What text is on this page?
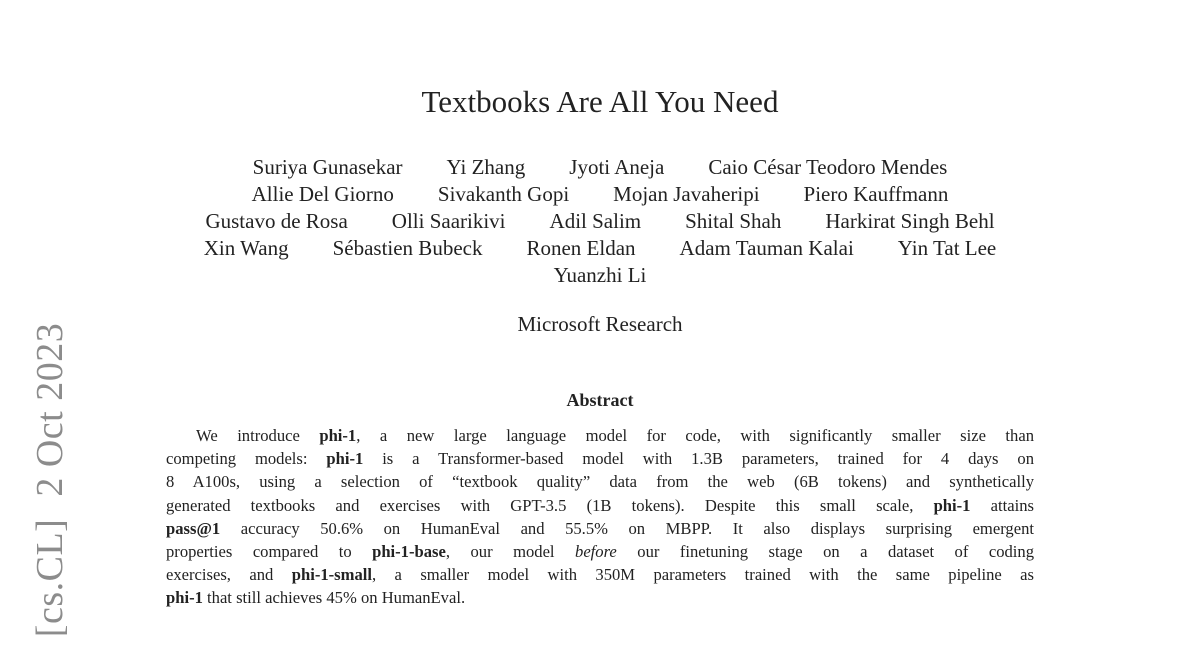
[cs.CL]2 Oct 2023
Textbooks Are All You Need
Suriya Gunasekar Yi Zhang Jyoti Aneja Caio César Teodoro Mendes
Allie Del Giorno Sivakanth Gopi Mojan Javaheripi Piero Kauffmann
Gustavo de Rosa Olli Saarikivi Adil Salim Shital Shah Harkirat Singh Behl
Xin Wang Sébastien Bubeck Ronen Eldan Adam Tauman Kalai Yin Tat Lee
Yuanzhi Li
Microsoft Research
Abstract
We introduce phi-1, a new large language model for code, with significantly smaller size than
competing models: phi-1 is a Transformer-based model with 1.3B parameters, trained for 4 days on
8 A100s, using a selection of “textbook quality” data from the web (6B tokens) and synthetically
generated textbooks and exercises with GPT-3.5 (1B tokens). Despite this small scale, phi-1 attains
pass@1 accuracy 50.6% on HumanEval and 55.5% on MBPP. It also displays surprising emergent
properties compared to phi-1-base, our model before our finetuning stage on a dataset of coding
exercises, and phi-1-small, a smaller model with 350M parameters trained with the same pipeline as
phi-1 that still achieves 45% on HumanEval.
